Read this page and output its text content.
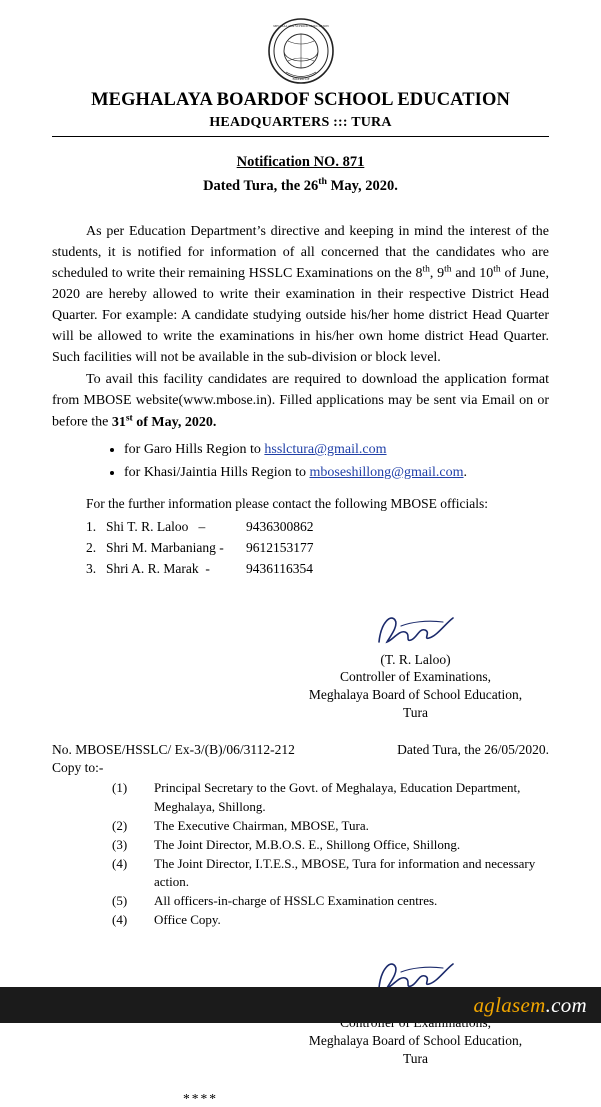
MEGHALAYA SCHOOL EDUCATION
BOARD OF
MEGHALAYA BOARDOF SCHOOL EDUCATION
HEADQUARTERS ::: TURA
Notification NO. 871
Dated Tura, the 26th May, 2020.

As per Education Department’s directive and keeping in mind the interest of the students, it is notified for information of all concerned that the candidates who are scheduled to write their remaining HSSLC Examinations on the 8th, 9th and 10th of June, 2020 are hereby allowed to write their examination in their respective District Head Quarter. For example: A candidate studying outside his/her home district Head Quarter will be allowed to write the examinations in his/her own home district Head Quarter. Such facilities will not be available in the sub-division or block level.

To avail this facility candidates are required to download the application format from MBOSE website(www.mbose.in). Filled applications may be sent via Email on or before the 31st of May, 2020.

• for Garo Hills Region to hsslctura@gmail.com
• for Khasi/Jaintia Hills Region to mboseshillong@gmail.com.
For the further information please contact the following MBOSE officials:
1. Shi T. R. Laloo –	9436300862
2. Shri M. Marbaniang -	9612153177
3. Shri A. R. Marak -	9436116354
(T. R. Laloo)
Controller of Examinations,
Meghalaya Board of School Education,
Tura
No. MBOSE/HSSLC/ Ex-3/(B)/06/3112-212	Dated Tura, the 26/05/2020.
Copy to:-
(1)	Principal Secretary to the Govt. of Meghalaya, Education Department,
Meghalaya, Shillong.
(2)	The Executive Chairman, MBOSE, Tura.
(3)	The Joint Director, M.B.O.S. E., Shillong Office, Shillong.
(4)	The Joint Director, I.T.E.S., MBOSE, Tura for information and necessary action.
(5)	All officers-in-charge of HSSLC Examination centres.
(4)	Office Copy.
Meghalaya Board of School Education,
Tura
****
aglasem.com
